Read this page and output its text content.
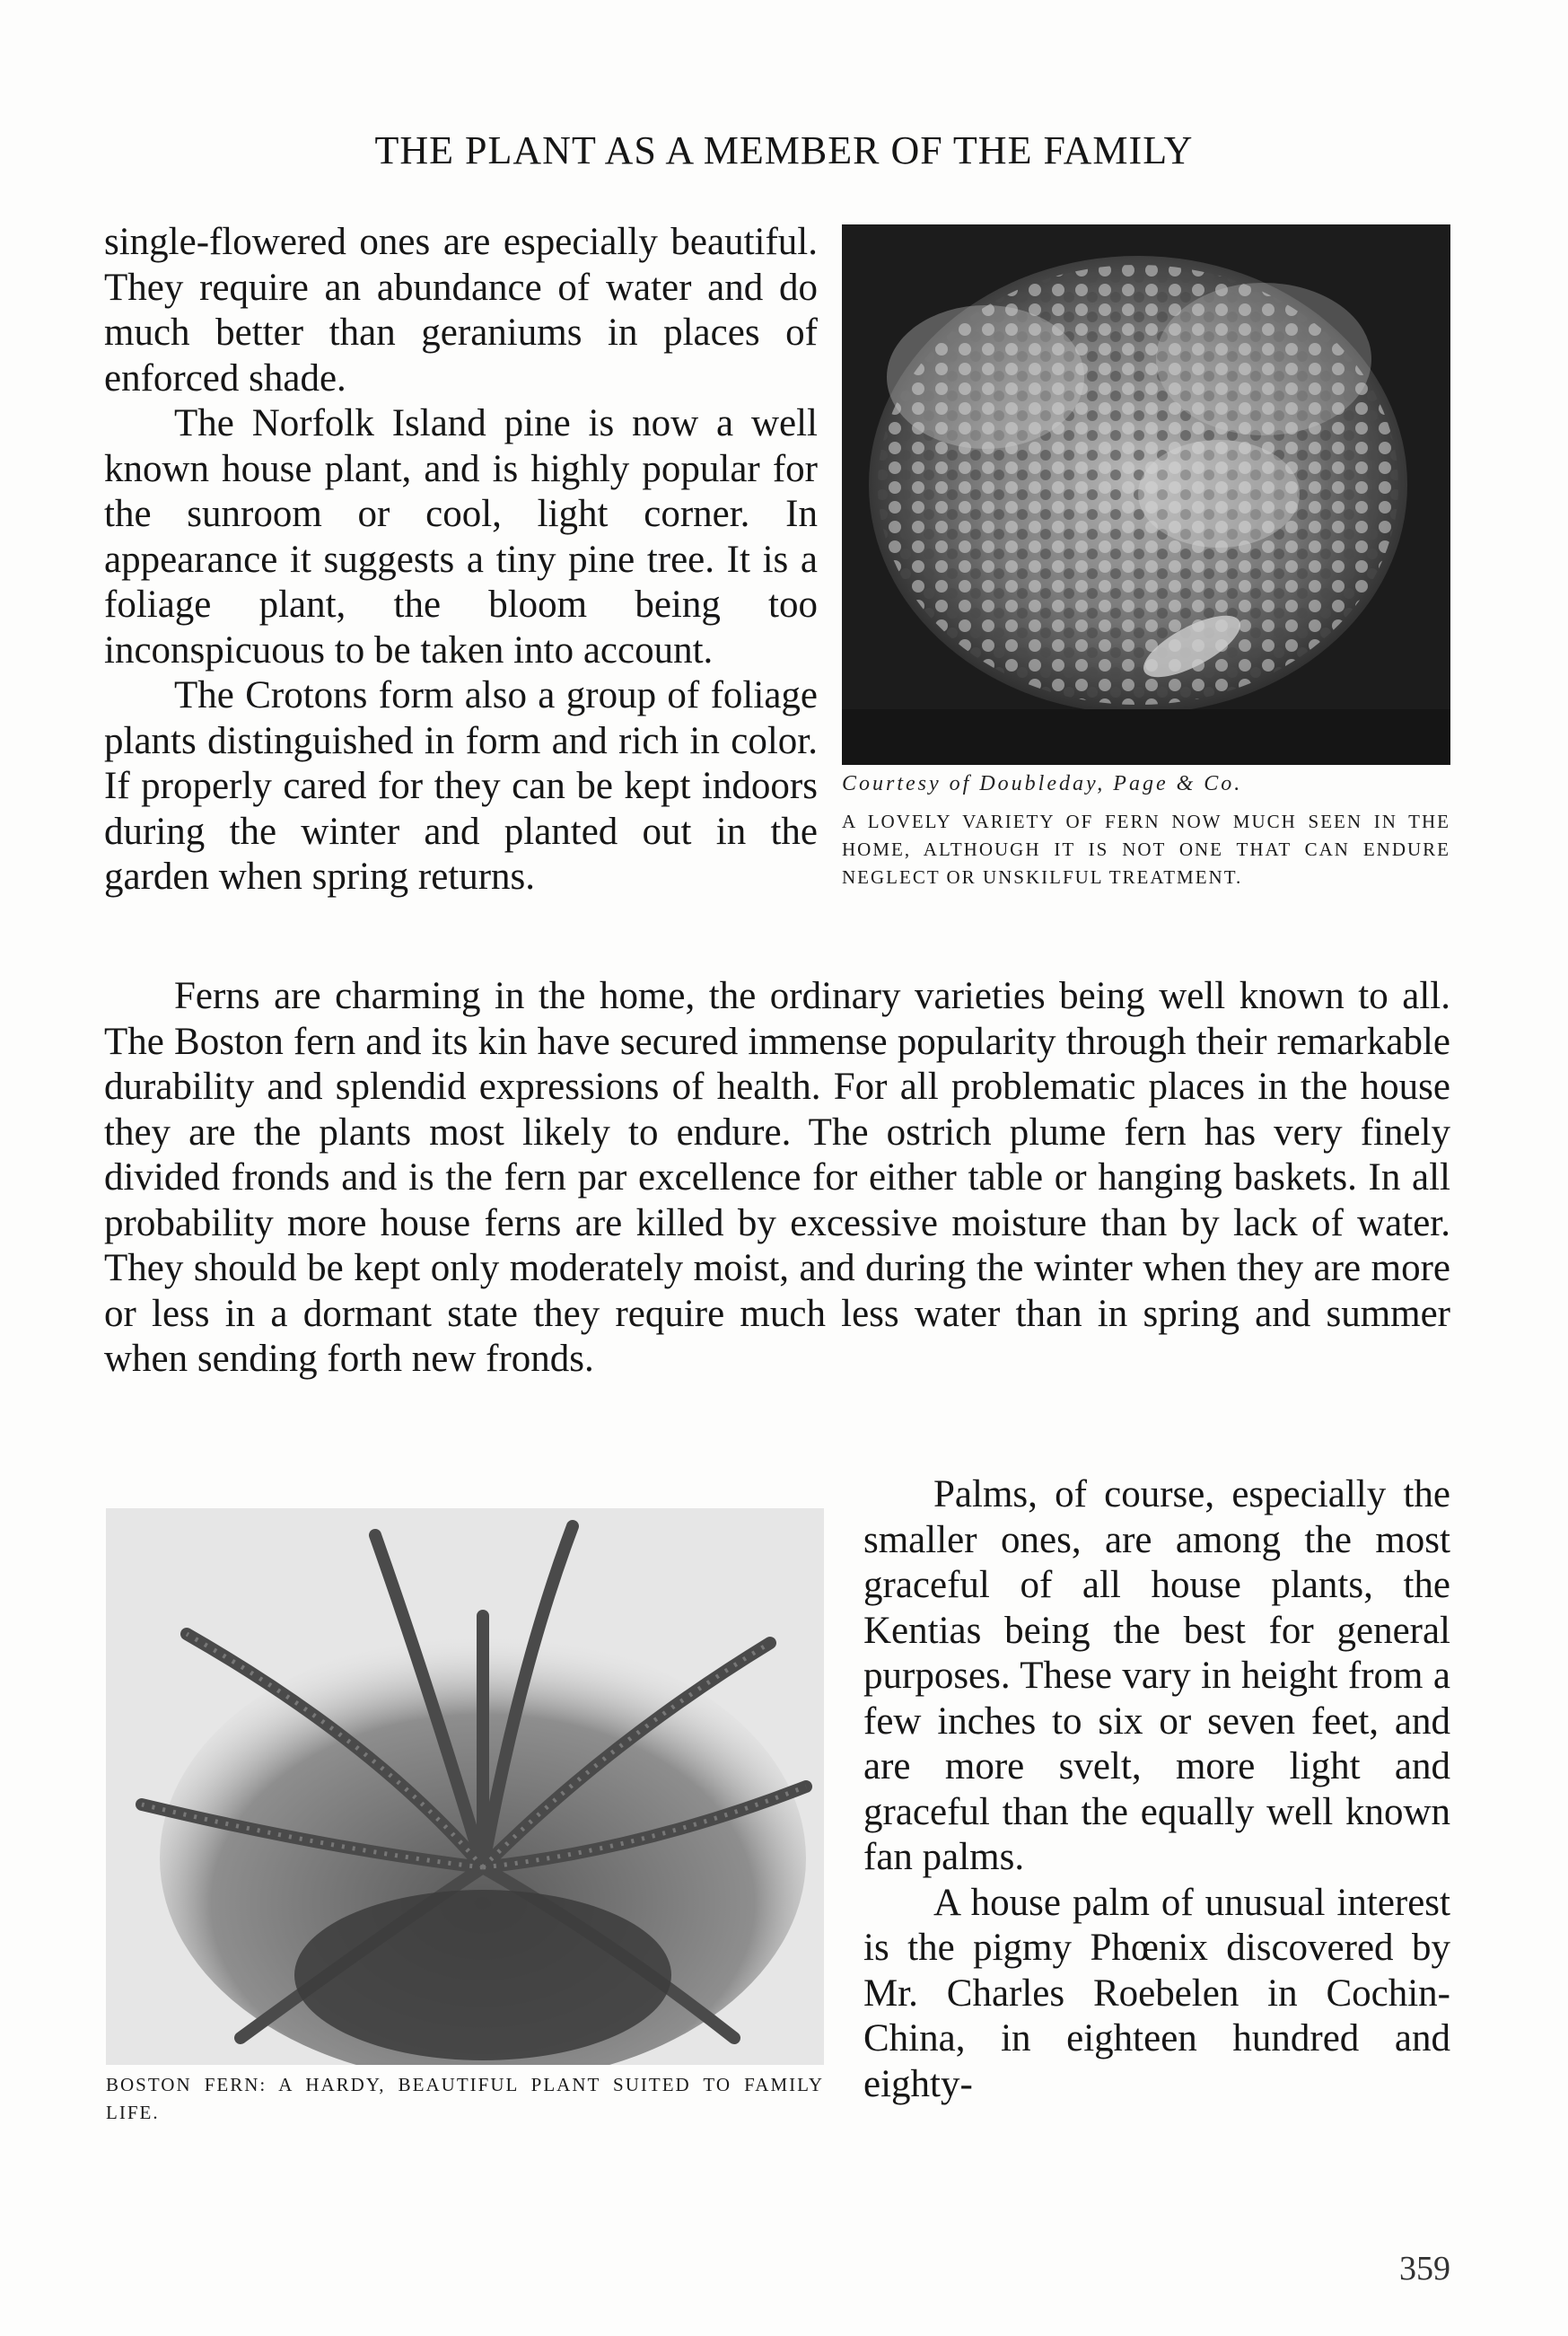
THE PLANT AS A MEMBER OF THE FAMILY

single-flowered ones are especially beautiful. They require an abundance of water and do much better than geraniums in places of enforced shade.

The Norfolk Island pine is now a well known house plant, and is highly popular for the sunroom or cool, light corner. In appearance it suggests a tiny pine tree. It is a foliage plant, the bloom being too inconspicuous to be taken into account.

The Crotons form also a group of foliage plants distinguished in form and rich in color. If properly cared for they can be kept indoors during the winter and planted out in the garden when spring returns.

Courtesy of Doubleday, Page & Co.
A LOVELY VARIETY OF FERN NOW MUCH SEEN IN THE HOME, ALTHOUGH IT IS NOT ONE THAT CAN ENDURE NEGLECT OR UNSKILFUL TREATMENT.

Ferns are charming in the home, the ordinary varieties being well known to all. The Boston fern and its kin have secured immense popularity through their remarkable durability and splendid expressions of health. For all problematic places in the house they are the plants most likely to endure. The ostrich plume fern has very finely divided fronds and is the fern par excellence for either table or hanging baskets. In all probability more house ferns are killed by excessive moisture than by lack of water. They should be kept only moderately moist, and during the winter when they are more or less in a dormant state they require much less water than in spring and summer when sending forth new fronds.

BOSTON FERN: A HARDY, BEAUTIFUL PLANT SUITED TO FAMILY LIFE.

Palms, of course, especially the smaller ones, are among the most graceful of all house plants, the Kentias being the best for general purposes. These vary in height from a few inches to six or seven feet, and are more svelt, more light and graceful than the equally well known fan palms.

A house palm of unusual interest is the pigmy Phœnix discovered by Mr. Charles Roebelen in Cochin-China, in eighteen hundred and eighty-

359
